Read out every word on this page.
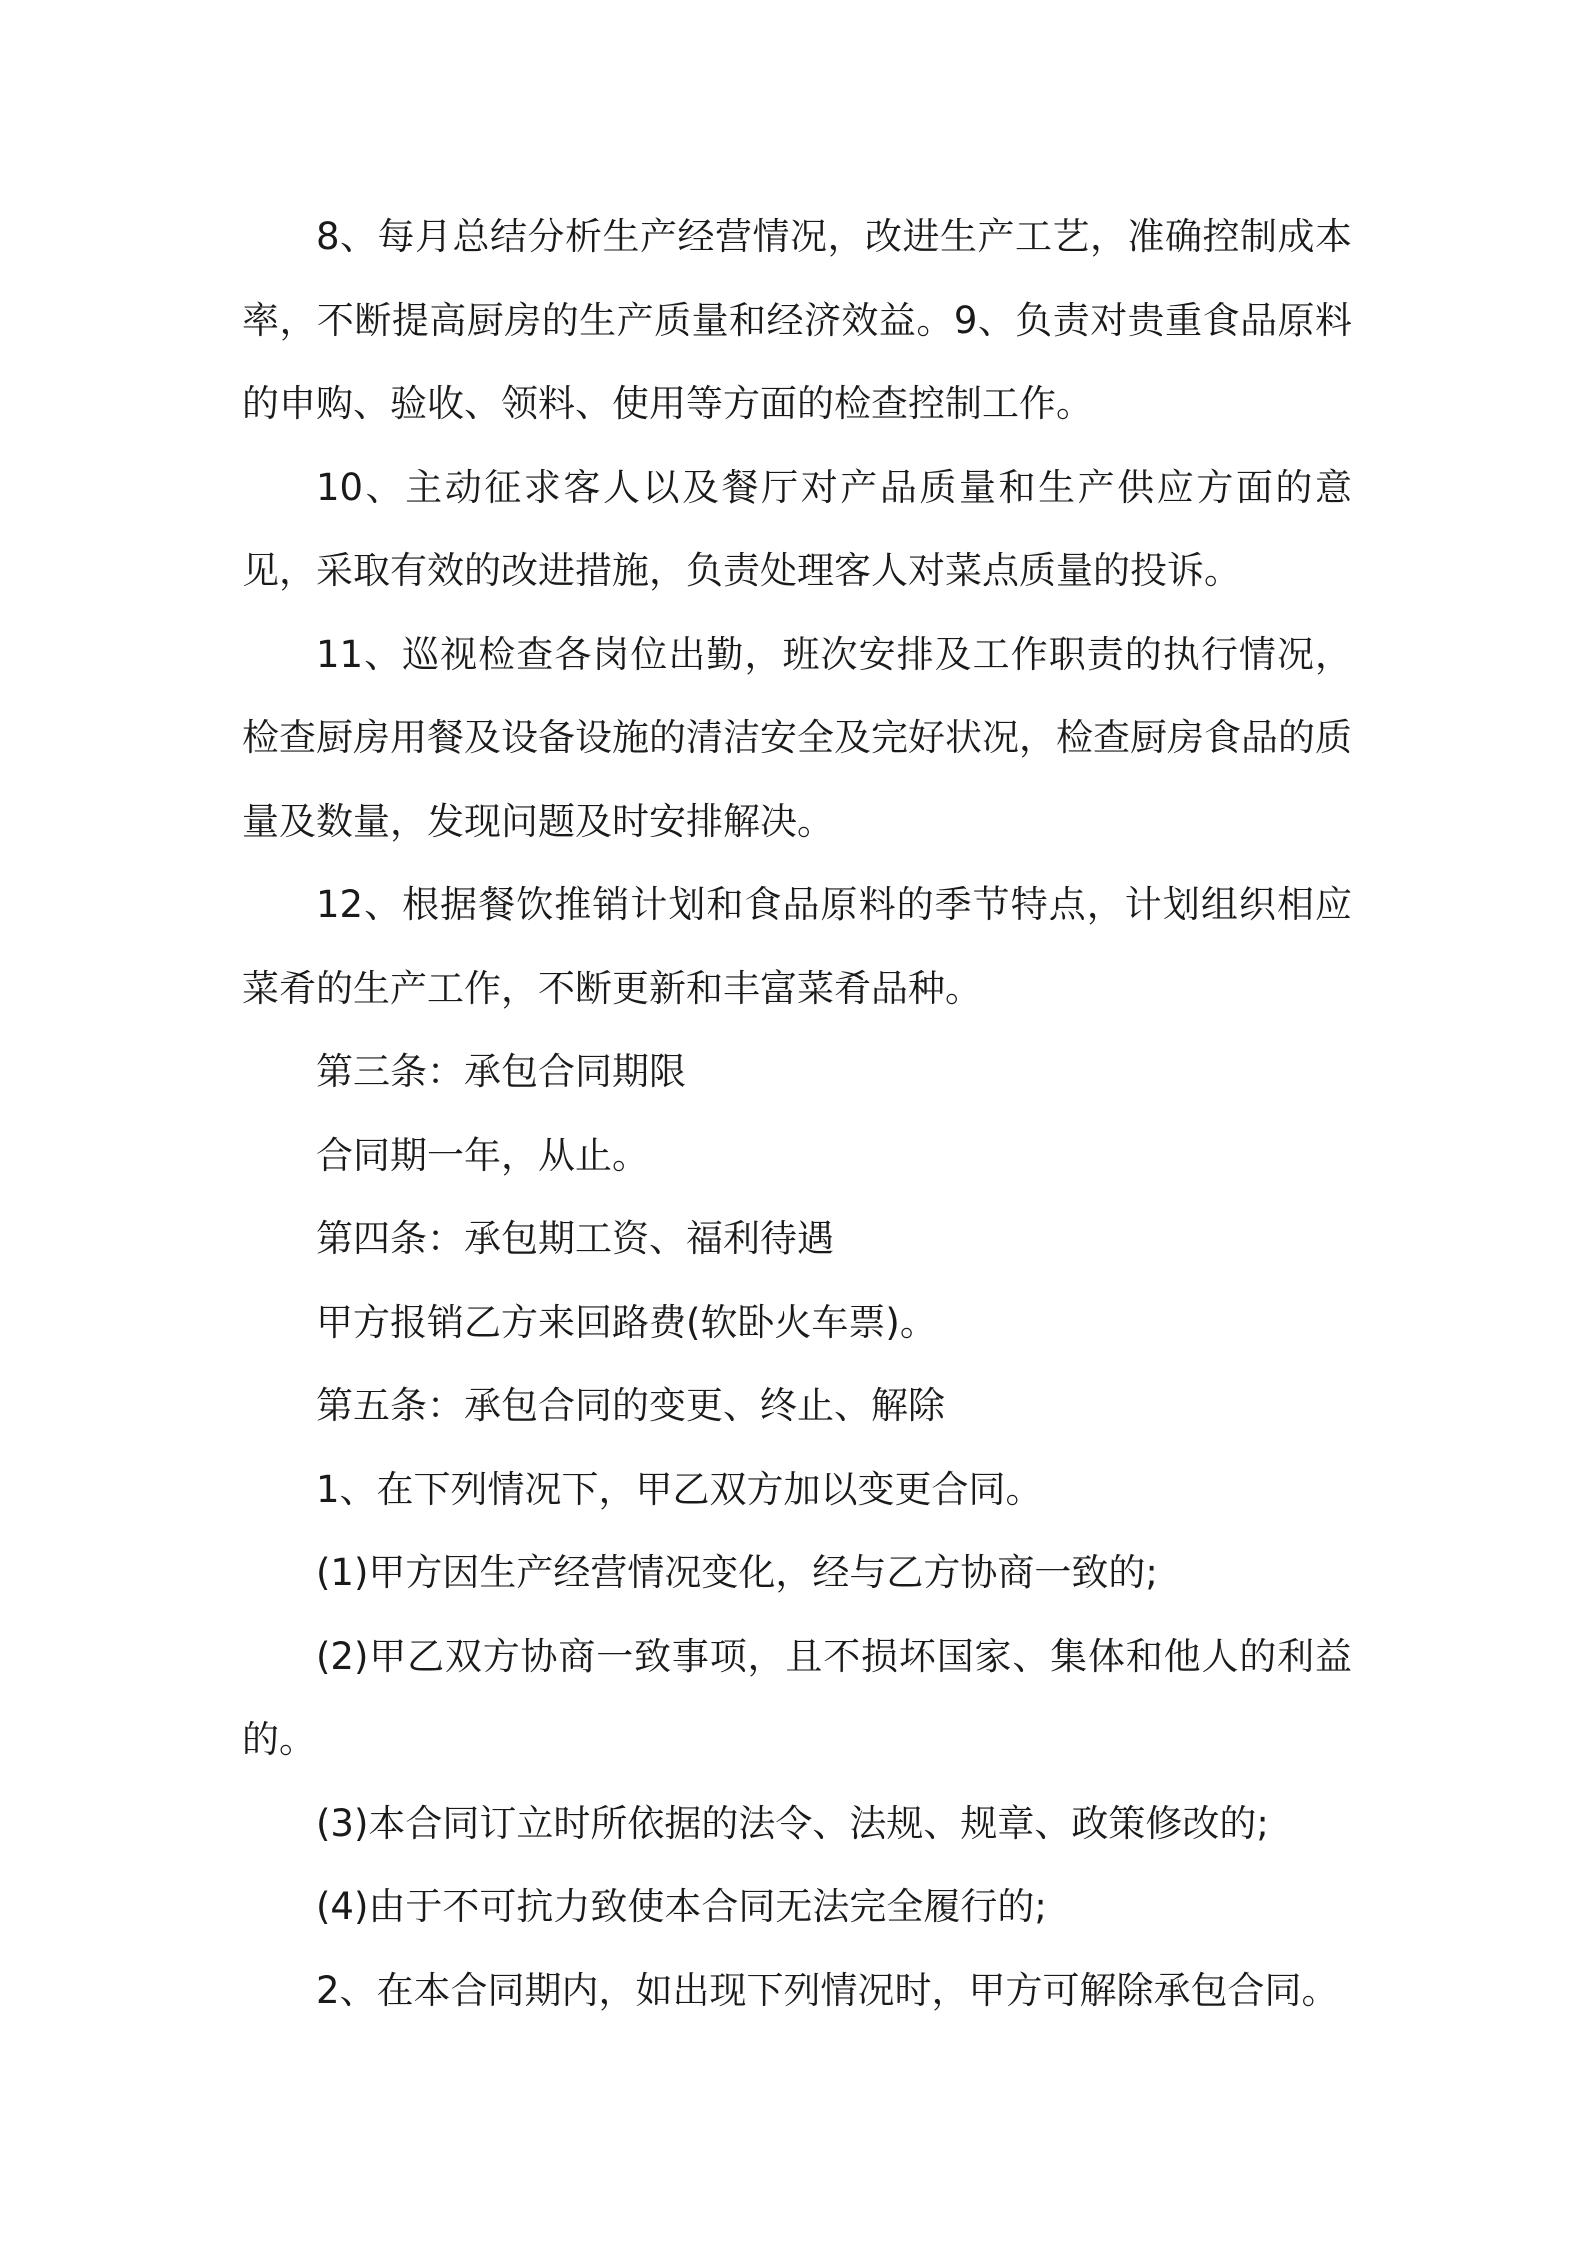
8、每月总结分析生产经营情况，改进生产工艺，准确控制成本率，不断提高厨房的生产质量和经济效益。9、负责对贵重食品原料的申购、验收、领料、使用等方面的检查控制工作。

10、主动征求客人以及餐厅对产品质量和生产供应方面的意见，采取有效的改进措施，负责处理客人对菜点质量的投诉。

11、巡视检查各岗位出勤，班次安排及工作职责的执行情况，检查厨房用餐及设备设施的清洁安全及完好状况，检查厨房食品的质量及数量，发现问题及时安排解决。

12、根据餐饮推销计划和食品原料的季节特点，计划组织相应菜肴的生产工作，不断更新和丰富菜肴品种。

第三条：承包合同期限

合同期一年，从止。

第四条：承包期工资、福利待遇

甲方报销乙方来回路费(软卧火车票)。

第五条：承包合同的变更、终止、解除

1、在下列情况下，甲乙双方加以变更合同。

(1)甲方因生产经营情况变化，经与乙方协商一致的;

(2)甲乙双方协商一致事项，且不损坏国家、集体和他人的利益的。

(3)本合同订立时所依据的法令、法规、规章、政策修改的;

(4)由于不可抗力致使本合同无法完全履行的;

2、在本合同期内，如出现下列情况时，甲方可解除承包合同。
